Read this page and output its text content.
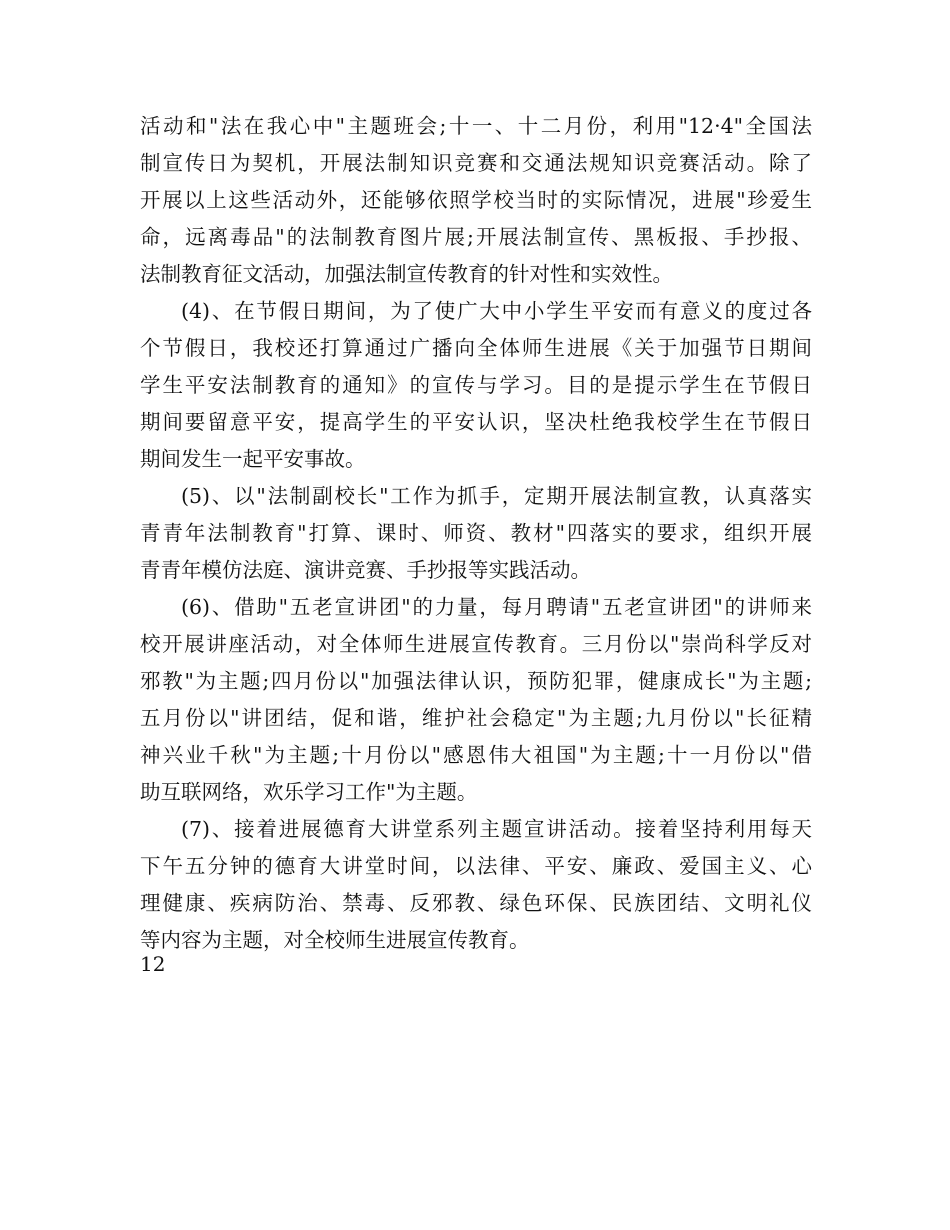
活动和"法在我心中"主题班会;十一、十二月份，利用"12·4"全国法
制宣传日为契机，开展法制知识竞赛和交通法规知识竞赛活动。除了
开展以上这些活动外，还能够依照学校当时的实际情况，进展"珍爱生
命，远离毒品"的法制教育图片展;开展法制宣传、黑板报、手抄报、
法制教育征文活动，加强法制宣传教育的针对性和实效性。
(4)、在节假日期间，为了使广大中小学生平安而有意义的度过各
个节假日，我校还打算通过广播向全体师生进展《关于加强节日期间
学生平安法制教育的通知》的宣传与学习。目的是提示学生在节假日
期间要留意平安，提高学生的平安认识，坚决杜绝我校学生在节假日
期间发生一起平安事故。
(5)、以"法制副校长"工作为抓手，定期开展法制宣教，认真落实
青青年法制教育"打算、课时、师资、教材"四落实的要求，组织开展
青青年模仿法庭、演讲竞赛、手抄报等实践活动。
(6)、借助"五老宣讲团"的力量，每月聘请"五老宣讲团"的讲师来
校开展讲座活动，对全体师生进展宣传教育。三月份以"崇尚科学反对
邪教"为主题;四月份以"加强法律认识，预防犯罪，健康成长"为主题;
五月份以"讲团结，促和谐，维护社会稳定"为主题;九月份以"长征精
神兴业千秋"为主题;十月份以"感恩伟大祖国"为主题;十一月份以"借
助互联网络，欢乐学习工作"为主题。
(7)、接着进展德育大讲堂系列主题宣讲活动。接着坚持利用每天
下午五分钟的德育大讲堂时间，以法律、平安、廉政、爱国主义、心
理健康、疾病防治、禁毒、反邪教、绿色环保、民族团结、文明礼仪
等内容为主题，对全校师生进展宣传教育。
12
